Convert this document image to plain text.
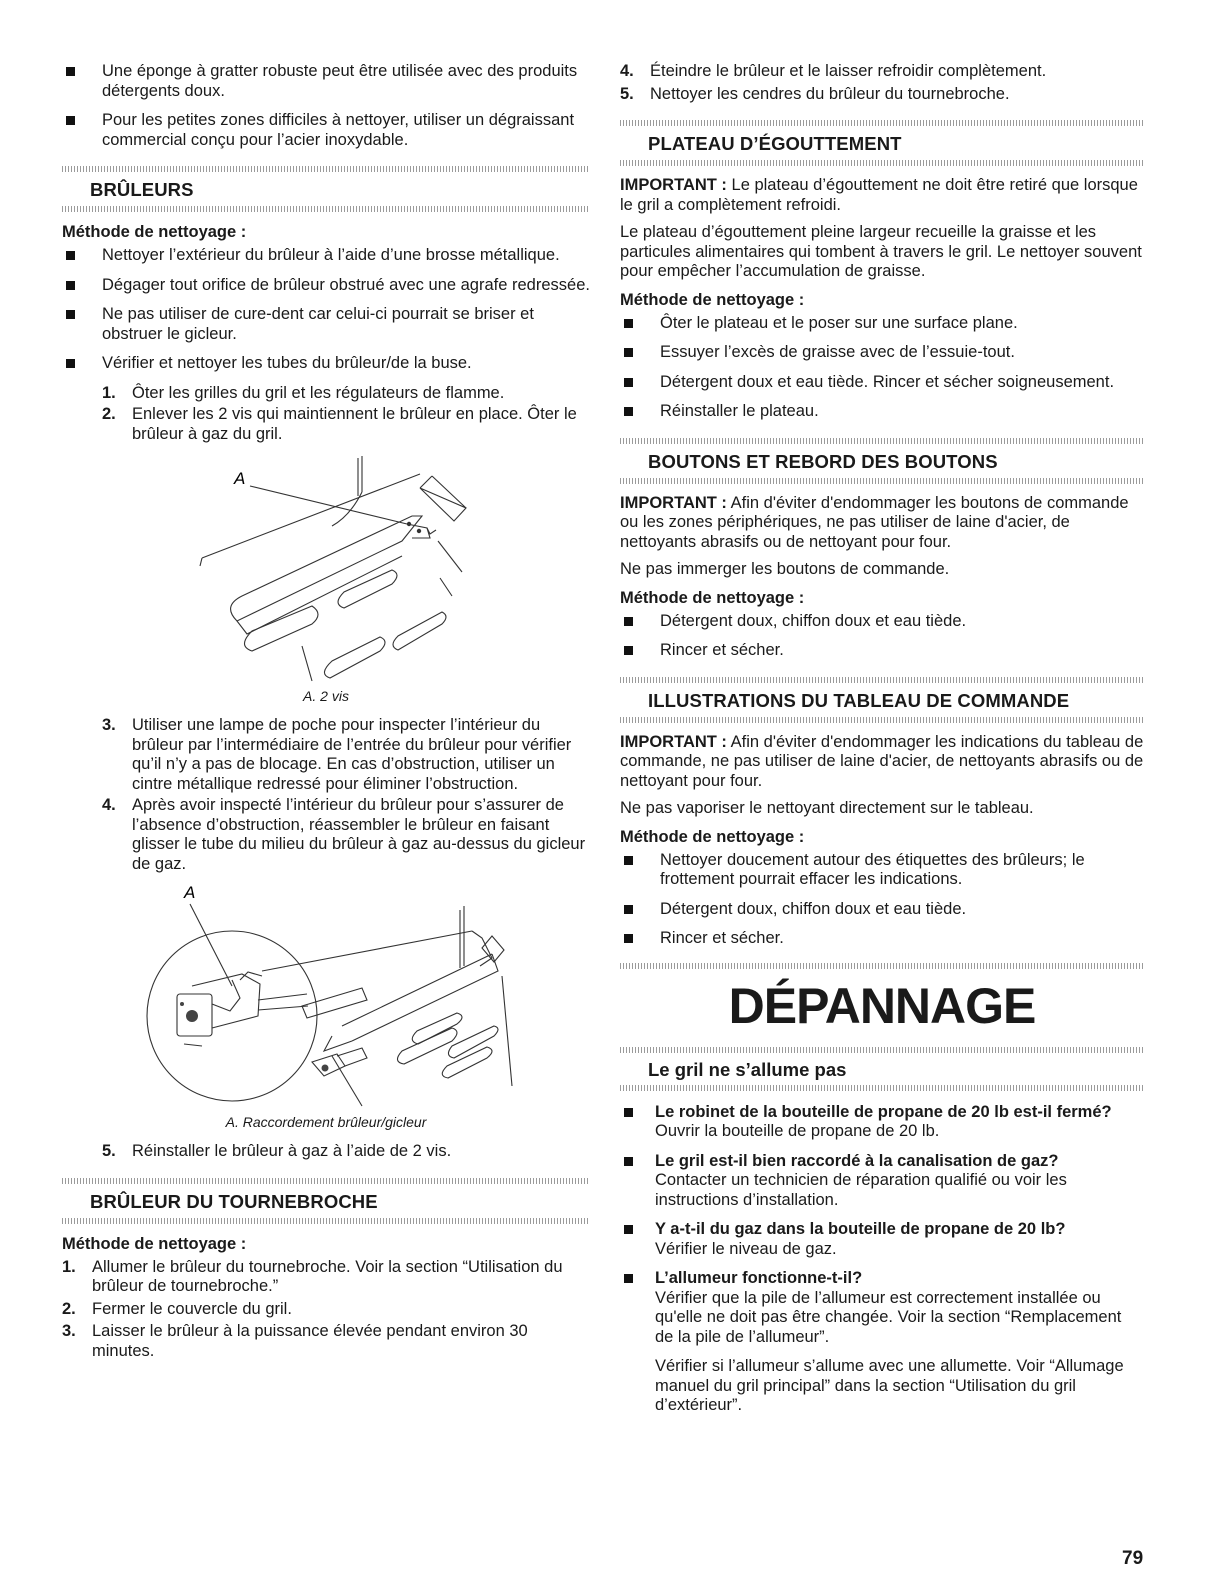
Une éponge à gratter robuste peut être utilisée avec des produits détergents doux.
Pour les petites zones difficiles à nettoyer, utiliser un dégraissant commercial conçu pour l’acier inoxydable.
BRÛLEURS
Méthode de nettoyage :
Nettoyer l’extérieur du brûleur à l’aide d’une brosse métallique.
Dégager tout orifice de brûleur obstrué avec une agrafe redressée.
Ne pas utiliser de cure-dent car celui-ci pourrait se briser et obstruer le gicleur.
Vérifier et nettoyer les tubes du brûleur/de la buse.
1. Ôter les grilles du gril et les régulateurs de flamme.
2. Enlever les 2 vis qui maintiennent le brûleur en place. Ôter le brûleur à gaz du gril.
A
A. 2 vis
3. Utiliser une lampe de poche pour inspecter l’intérieur du brûleur par l’intermédiaire de l’entrée du brûleur pour vérifier qu’il n’y a pas de blocage. En cas d’obstruction, utiliser un cintre métallique redressé pour éliminer l’obstruction.
4. Après avoir inspecté l’intérieur du brûleur pour s’assurer de l’absence d’obstruction, réassembler le brûleur en faisant glisser le tube du milieu du brûleur à gaz au-dessus du gicleur de gaz.
A
A. Raccordement brûleur/gicleur
5. Réinstaller le brûleur à gaz à l’aide de 2 vis.
BRÛLEUR DU TOURNEBROCHE
Méthode de nettoyage :
1. Allumer le brûleur du tournebroche. Voir la section “Utilisation du brûleur de tournebroche.”
2. Fermer le couvercle du gril.
3. Laisser le brûleur à la puissance élevée pendant environ 30 minutes.
4. Éteindre le brûleur et le laisser refroidir complètement.
5. Nettoyer les cendres du brûleur du tournebroche.
PLATEAU D’ÉGOUTTEMENT

IMPORTANT : Le plateau d’égouttement ne doit être retiré que lorsque le gril a complètement refroidi.

Le plateau d’égouttement pleine largeur recueille la graisse et les particules alimentaires qui tombent à travers le gril. Le nettoyer souvent pour empêcher l’accumulation de graisse.

Méthode de nettoyage :
Ôter le plateau et le poser sur une surface plane.
Essuyer l’excès de graisse avec de l’essuie-tout.
Détergent doux et eau tiède. Rincer et sécher soigneusement.
Réinstaller le plateau.
BOUTONS ET REBORD DES BOUTONS

IMPORTANT : Afin d'éviter d'endommager les boutons de commande ou les zones périphériques, ne pas utiliser de laine d'acier, de nettoyants abrasifs ou de nettoyant pour four.

Ne pas immerger les boutons de commande.

Méthode de nettoyage :
Détergent doux, chiffon doux et eau tiède.
Rincer et sécher.
ILLUSTRATIONS DU TABLEAU DE COMMANDE

IMPORTANT : Afin d'éviter d'endommager les indications du tableau de commande, ne pas utiliser de laine d'acier, de nettoyants abrasifs ou de nettoyant pour four.

Ne pas vaporiser le nettoyant directement sur le tableau.

Méthode de nettoyage :
Nettoyer doucement autour des étiquettes des brûleurs; le frottement pourrait effacer les indications.
Détergent doux, chiffon doux et eau tiède.
Rincer et sécher.
DÉPANNAGE
Le gril ne s’allume pas
Le robinet de la bouteille de propane de 20 lb est-il fermé?
Ouvrir la bouteille de propane de 20 lb.
Le gril est-il bien raccordé à la canalisation de gaz?
Contacter un technicien de réparation qualifié ou voir les instructions d’installation.
Y a-t-il du gaz dans la bouteille de propane de 20 lb?
Vérifier le niveau de gaz.
L’allumeur fonctionne-t-il?
Vérifier que la pile de l’allumeur est correctement installée ou qu'elle ne doit pas être changée. Voir la section “Remplacement de la pile de l’allumeur”.
Vérifier si l’allumeur s’allume avec une allumette. Voir “Allumage manuel du gril principal” dans la section “Utilisation du gril d’extérieur”.
79
